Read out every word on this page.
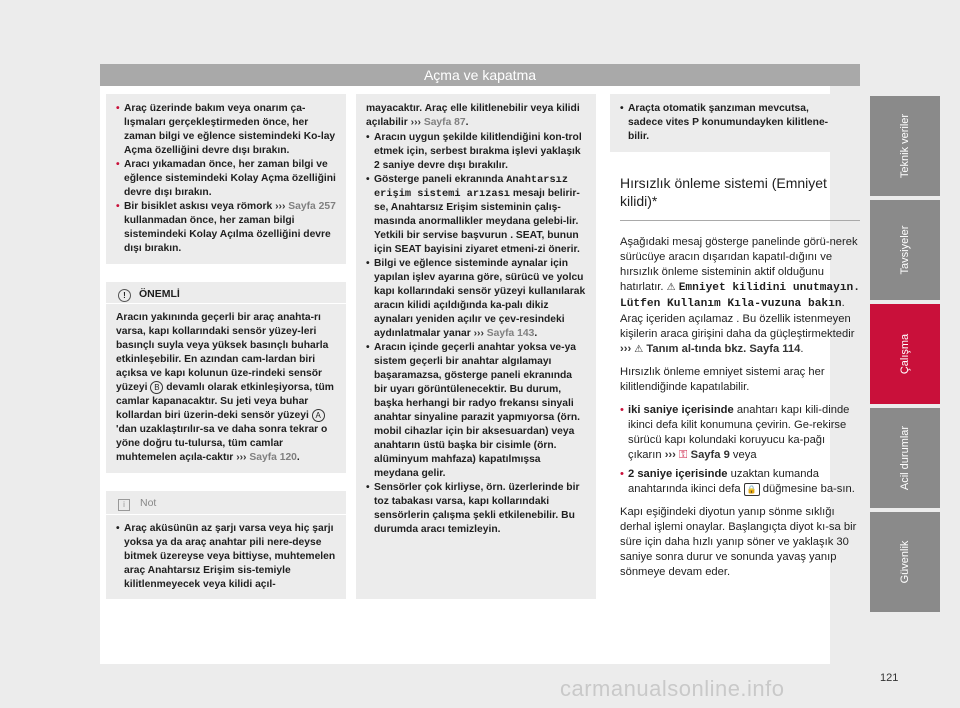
Açma ve kapatma

• Araç üzerinde bakım veya onarım ça-lışmaları gerçekleştirmeden önce, her zaman bilgi ve eğlence sistemindeki Ko-lay Açma özelliğini devre dışı bırakın.

• Aracı yıkamadan önce, her zaman bilgi ve eğlence sistemindeki Kolay Açma özelliğini devre dışı bırakın.

• Bir bisiklet askısı veya römork ››› Sayfa 257 kullanmadan önce, her zaman bilgi sistemindeki Kolay Açılma özelliğini devre dışı bırakın.

! ÖNEMLİ
Aracın yakınında geçerli bir araç anahta-rı varsa, kapı kollarındaki sensör yüzey-leri basınçlı suyla veya yüksek basınçlı buharla etkinleşebilir. En azından cam-lardan biri açıksa ve kapı kolunun üze-rindeki sensör yüzeyi B devamlı olarak etkinleşiyorsa, tüm camlar kapanacaktır. Su jeti veya buhar kollardan biri üzerin-deki sensör yüzeyi A'dan uzaklaştırılır-sa ve daha sonra tekrar o yöne doğru tu-tulursa, tüm camlar muhtemelen açıla-caktır ››› Sayfa 120.
i Not

• Araç aküsünün az şarjı varsa veya hiç şarjı yoksa ya da araç anahtar pili nere-deyse bitmek üzereyse veya bittiyse, muhtemelen araç Anahtarsız Erişim sis-temiyle kilitlenmeyecek veya kilidi açıl-

mayacaktır. Araç elle kilitlenebilir veya kilidi açılabilir ››› Sayfa 87.

• Aracın uygun şekilde kilitlendiğini kon-trol etmek için, serbest bırakma işlevi yaklaşık 2 saniye devre dışı bırakılır.

• Gösterge paneli ekranında Anahtarsız erişim sistemi arızası mesajı belirir-se, Anahtarsız Erişim sisteminin çalış-masında anormallikler meydana gelebi-lir. Yetkili bir servise başvurun . SEAT, bunun için SEAT bayisini ziyaret etmeni-zi önerir.

• Bilgi ve eğlence sisteminde aynalar için yapılan işlev ayarına göre, sürücü ve yolcu kapı kollarındaki sensör yüzeyi kullanılarak aracın kilidi açıldığında ka-palı dikiz aynaları yeniden açılır ve çev-resindeki aydınlatmalar yanar ››› Sayfa 143.

• Aracın içinde geçerli anahtar yoksa ve-ya sistem geçerli bir anahtar algılamayı başaramazsa, gösterge paneli ekranında bir uyarı görüntülenecektir. Bu durum, başka herhangi bir radyo frekansı sinyali anahtar sinyaline parazit yapmıyorsa (örn. mobil cihazlar için bir aksesuardan) veya anahtarın üstü başka bir cisimle (örn. alüminyum mahfaza) kapatılmışsa meydana gelir.

• Sensörler çok kirliyse, örn. üzerlerinde bir toz tabakası varsa, kapı kollarındaki sensörlerin çalışma şekli etkilenebilir. Bu durumda aracı temizleyin.

• Araçta otomatik şanzıman mevcutsa, sadece vites P konumundayken kilitlene-bilir.

Hırsızlık önleme sistemi (Emniyet kilidi)*

Aşağıdaki mesaj gösterge panelinde görü-nerek sürücüye aracın dışarıdan kapatıl-dığını ve hırsızlık önleme sisteminin aktif olduğunu hatırlatır. ⚠ Emniyet kilidini unutmayın. Lütfen Kullanım Kıla-vuzuna bakın. Araç içeriden açılamaz . Bu özellik istenmeyen kişilerin araca girişini daha da güçleştirmektedir ››› ⚠ Tanım al-tında bkz. Sayfa 114.

Hırsızlık önleme emniyet sistemi araç her kilitlendiğinde kapatılabilir.

• iki saniye içerisinde anahtarı kapı kili-dinde ikinci defa kilit konumuna çevirin. Ge-rekirse sürücü kapı kolundaki koruyucu ka-pağı çıkarın ››› ⚿ Sayfa 9 veya

• 2 saniye içerisinde uzaktan kumanda anahtarında ikinci defa 🔒 düğmesine ba-sın.

Kapı eşiğindeki diyotun yanıp sönme sıklığı derhal işlemi onaylar. Başlangıçta diyot kı-sa bir süre için daha hızlı yanıp söner ve yaklaşık 30 saniye sonra durur ve sonunda yavaş yanıp sönmeye devam eder.

Teknik veriler
Tavsiyeler
Çalışma
Acil durumlar
Güvenlik
121
carmanualsonline.info
